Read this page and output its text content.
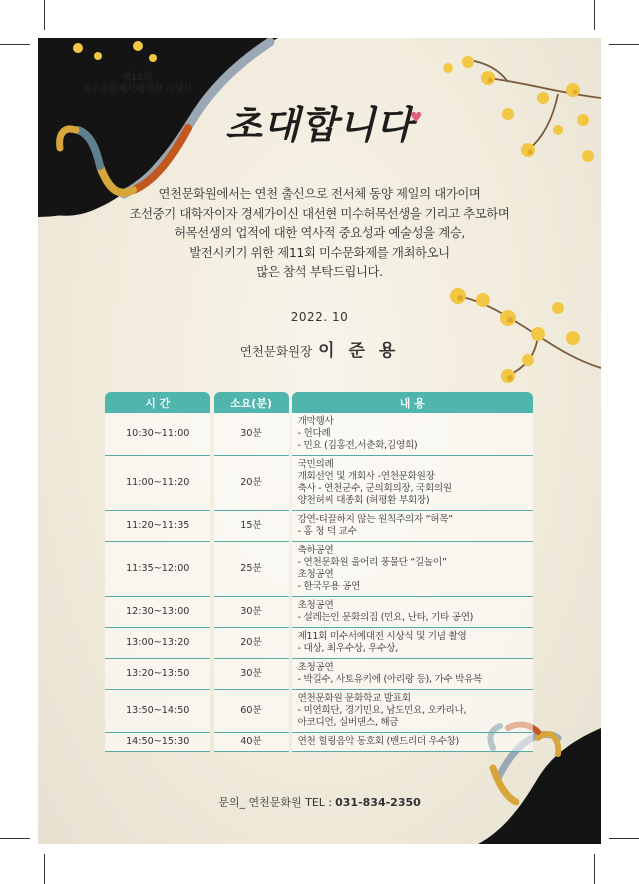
제11회
미수문화제서예대전 시상식
초대합니다
♥
연천문화원에서는 연천 출신으로 전서체 동양 제일의 대가이며
조선중기 대학자이자 경세가이신 대선현 미수허목선생을 기리고 추모하며
허목선생의 업적에 대한 역사적 중요성과 예술성을 계승,
발전시키기 위한 제11회 미수문화제를 개최하오니
많은 참석 부탁드립니다.
2022. 10
연천문화원장 이 준 용
시 간		소요(분)		내 용
10:30~11:00		30분		개막행사
- 헌다례
- 민요 (김홍전,서춘화,김영희)

11:00~11:20		20분		국민의례
개회선언 및 개회사 -연천문화원장
축사 - 연천군수, 군의회의장, 국회의원
양천허씨 대종회 (허평환 부회장)

11:20~11:35		15분		강연-티끌하지 않는 원칙주의자 “허목”
- 홍 청 덕 교수

11:35~12:00		25분		축하공연
- 연천문화원 울어리 풍물단 “길놀이”
초청공연
- 한국무용 공연

12:30~13:00		30분		초청공연
- 설레는인 문화의집 (민요, 난타, 기타 공연)

13:00~13:20		20분		제11회 미수서예대전 시상식 및 기념 촬영
- 대상, 최우수상, 우수상,

13:20~13:50		30분		초청공연
- 박길수, 사토유키에 (아리랑 등), 가수 박유복

13:50~14:50		60분		연천문화원 문화학교 발표회
- 미연희단, 경기민요, 남도민요, 오카리나,
아코디언, 실버댄스, 해금

14:50~15:30		40분		연천 힐링음악 동호회 (밴드리더 우수창)
문의_ 연천문화원 TEL : 031-834-2350
